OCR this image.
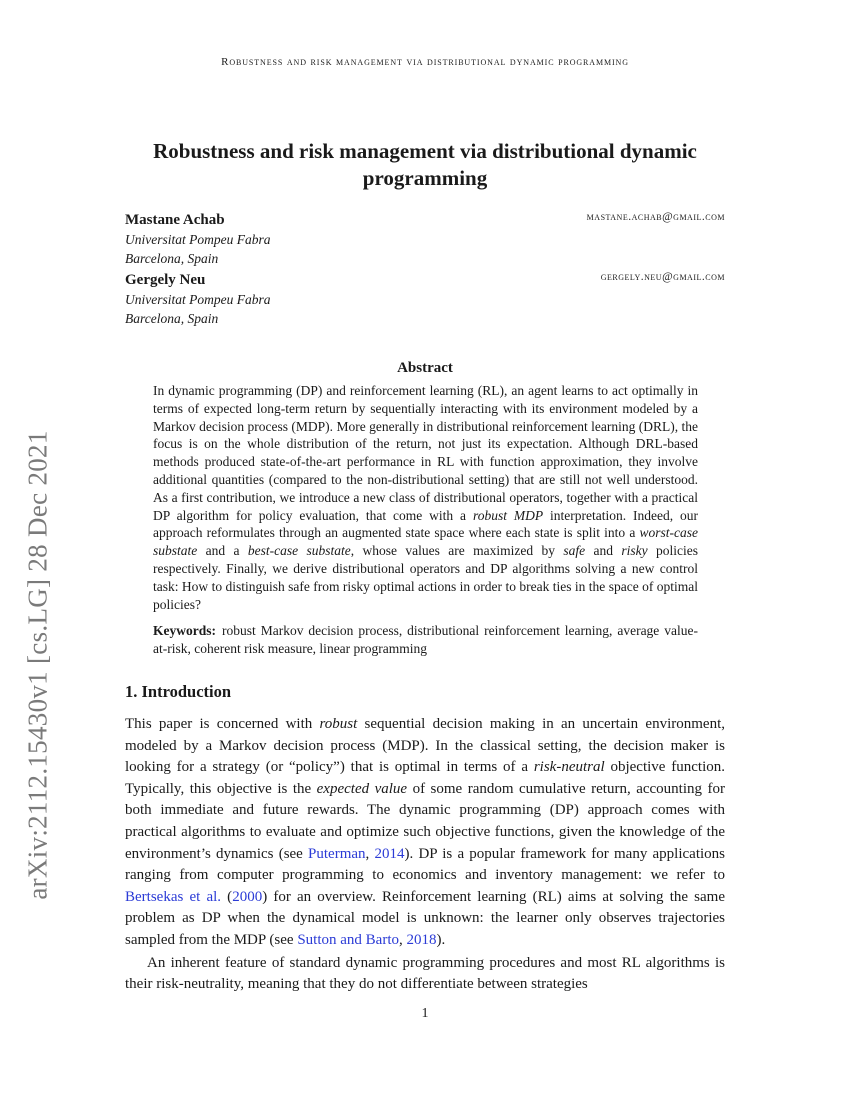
Robustness and risk management via distributional dynamic programming
arXiv:2112.15430v1 [cs.LG] 28 Dec 2021
Robustness and risk management via distributional dynamic programming
Mastane Achab	mastane.achab@gmail.com
Universitat Pompeu Fabra
Barcelona, Spain
Gergely Neu	gergely.neu@gmail.com
Universitat Pompeu Fabra
Barcelona, Spain
Abstract
In dynamic programming (DP) and reinforcement learning (RL), an agent learns to act optimally in terms of expected long-term return by sequentially interacting with its environment modeled by a Markov decision process (MDP). More generally in distributional reinforcement learning (DRL), the focus is on the whole distribution of the return, not just its expectation. Although DRL-based methods produced state-of-the-art performance in RL with function approximation, they involve additional quantities (compared to the non-distributional setting) that are still not well understood. As a first contribution, we introduce a new class of distributional operators, together with a practical DP algorithm for policy evaluation, that come with a robust MDP interpretation. Indeed, our approach reformulates through an augmented state space where each state is split into a worst-case substate and a best-case substate, whose values are maximized by safe and risky policies respectively. Finally, we derive distributional operators and DP algorithms solving a new control task: How to distinguish safe from risky optimal actions in order to break ties in the space of optimal policies?
Keywords: robust Markov decision process, distributional reinforcement learning, average value-at-risk, coherent risk measure, linear programming
1. Introduction

This paper is concerned with robust sequential decision making in an uncertain environment, modeled by a Markov decision process (MDP). In the classical setting, the decision maker is looking for a strategy (or “policy”) that is optimal in terms of a risk-neutral objective function. Typically, this objective is the expected value of some random cumulative return, accounting for both immediate and future rewards. The dynamic programming (DP) approach comes with practical algorithms to evaluate and optimize such objective functions, given the knowledge of the environment’s dynamics (see Puterman, 2014). DP is a popular framework for many applications ranging from computer programming to economics and inventory management: we refer to Bertsekas et al. (2000) for an overview. Reinforcement learning (RL) aims at solving the same problem as DP when the dynamical model is unknown: the learner only observes trajectories sampled from the MDP (see Sutton and Barto, 2018).

An inherent feature of standard dynamic programming procedures and most RL algorithms is their risk-neutrality, meaning that they do not differentiate between strategies

1
